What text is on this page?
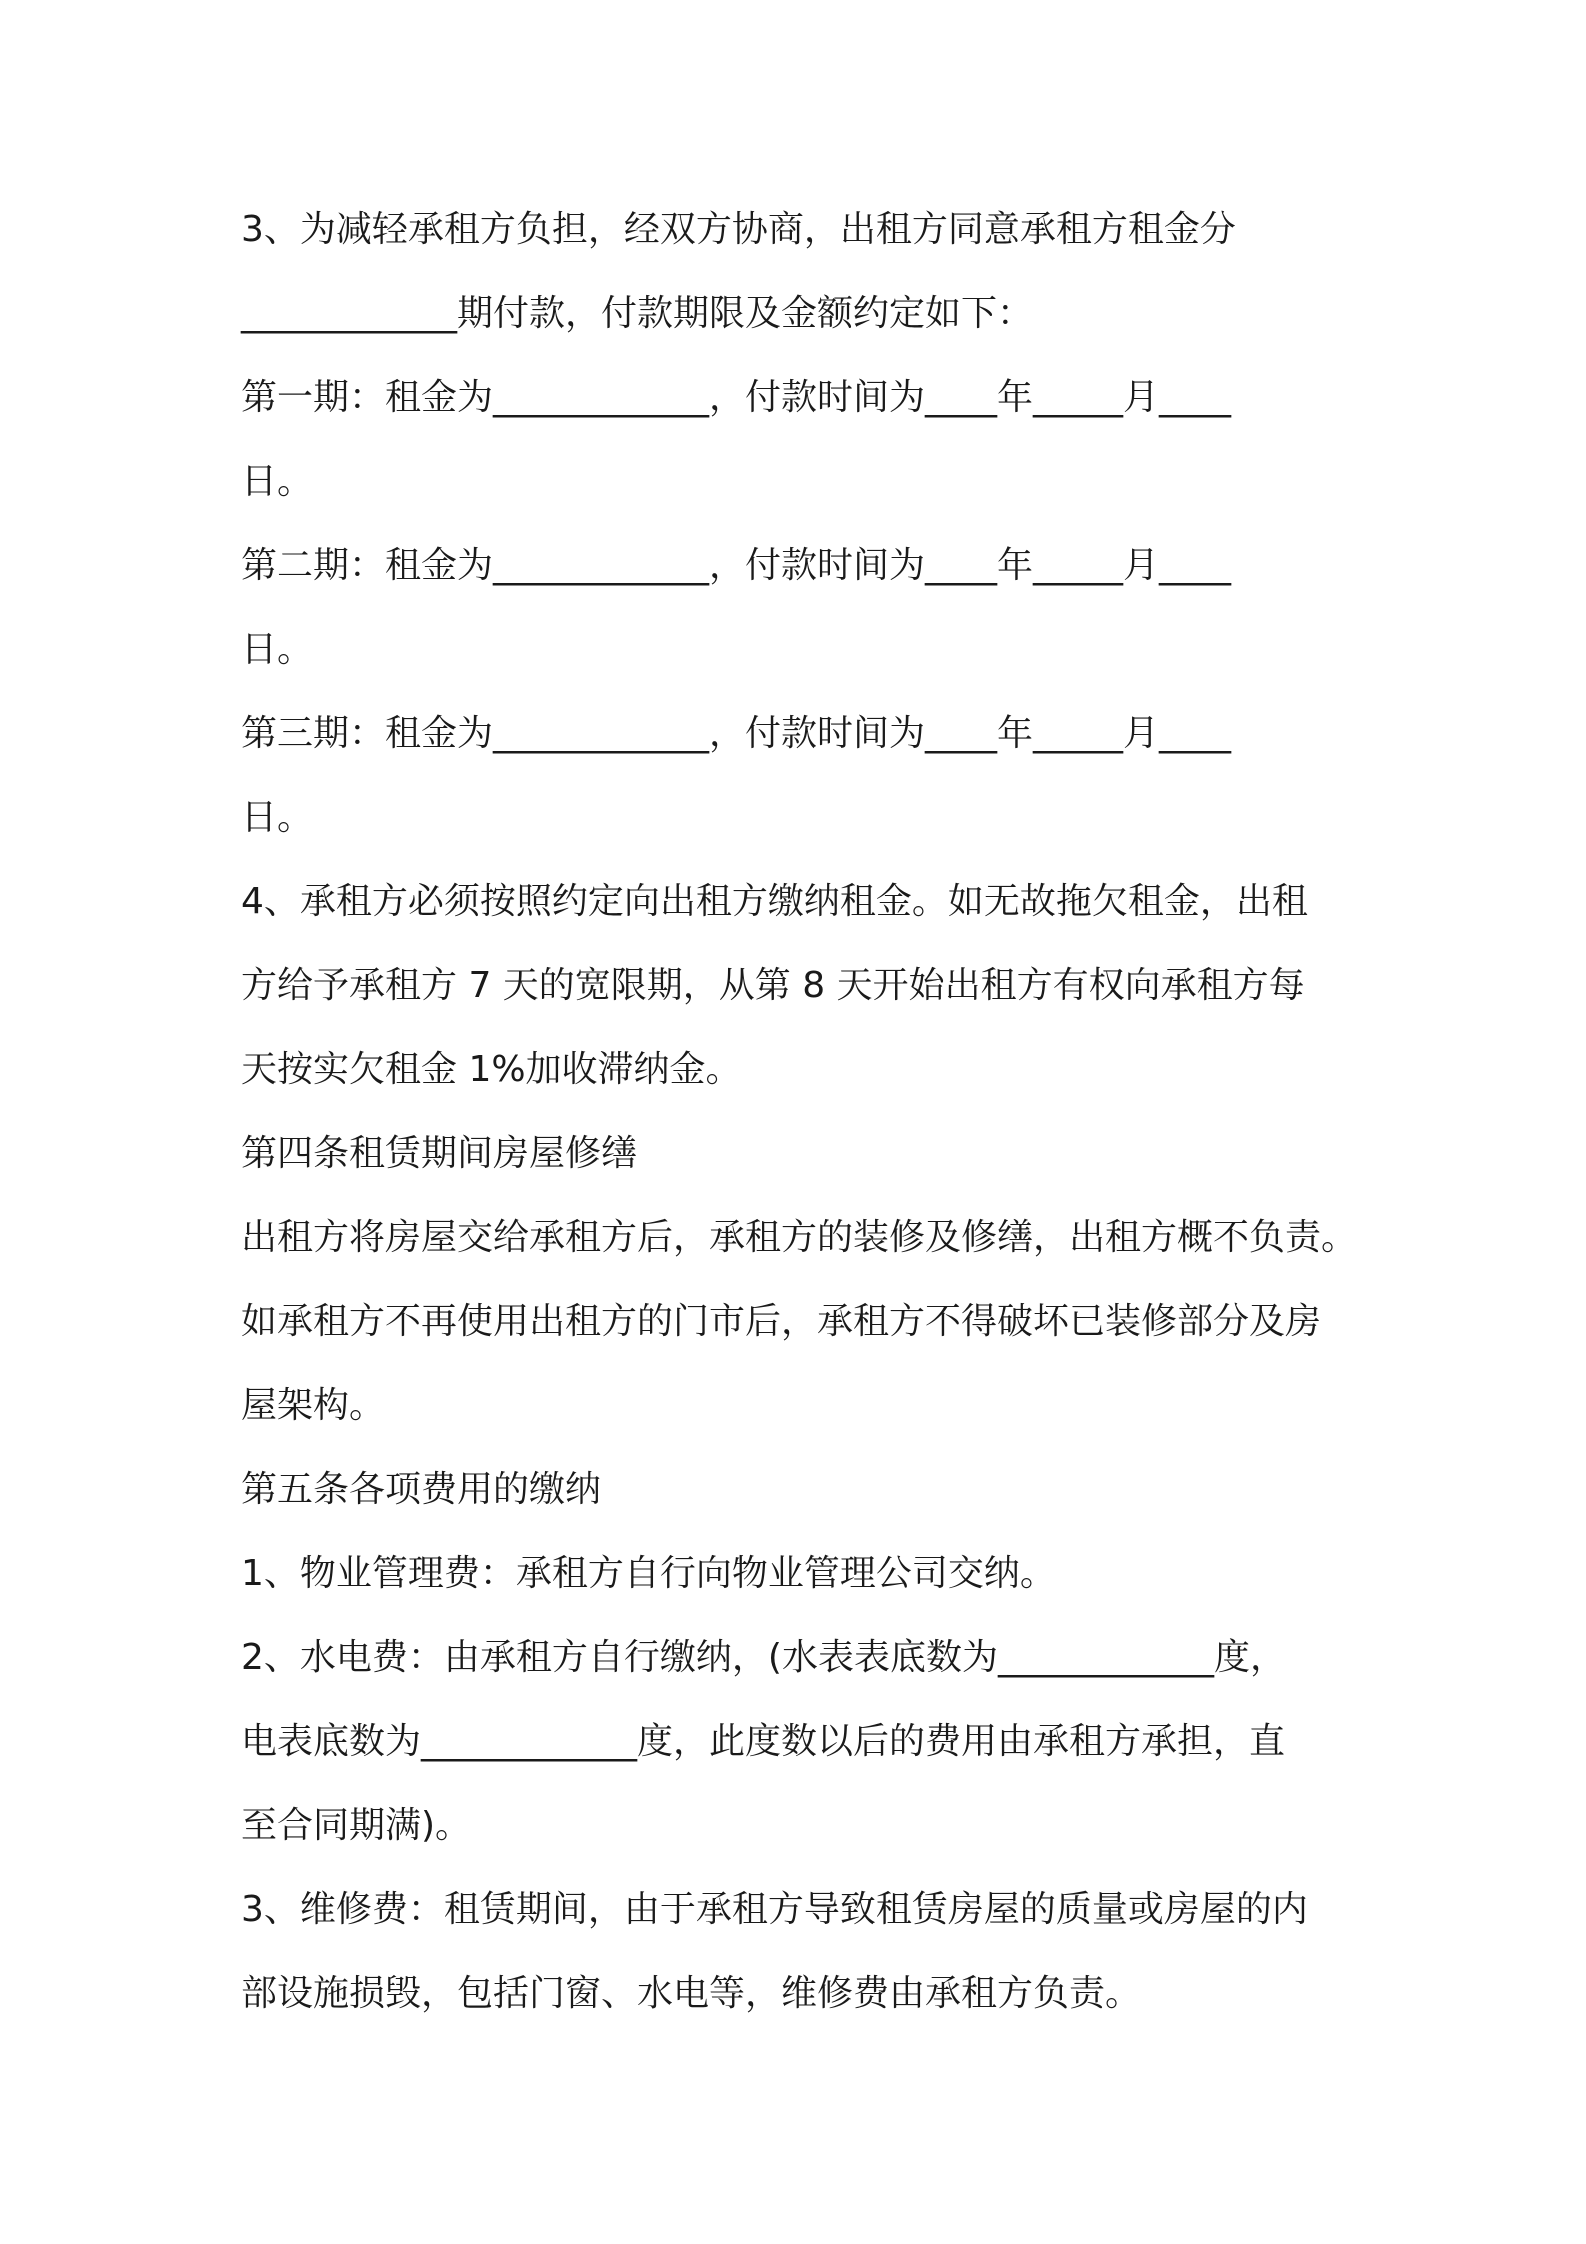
3、为减轻承租方负担，经双方协商，出租方同意承租方租金分
____________期付款，付款期限及金额约定如下：
第一期：租金为____________，付款时间为____年_____月____
日。
第二期：租金为____________，付款时间为____年_____月____
日。
第三期：租金为____________，付款时间为____年_____月____
日。
4、承租方必须按照约定向出租方缴纳租金。如无故拖欠租金，出租
方给予承租方 7 天的宽限期，从第 8 天开始出租方有权向承租方每
天按实欠租金 1%加收滞纳金。
第四条租赁期间房屋修缮
出租方将房屋交给承租方后，承租方的装修及修缮，出租方概不负责。
如承租方不再使用出租方的门市后，承租方不得破坏已装修部分及房
屋架构。
第五条各项费用的缴纳
1、物业管理费：承租方自行向物业管理公司交纳。
2、水电费：由承租方自行缴纳，(水表表底数为____________度，
电表底数为____________度，此度数以后的费用由承租方承担，直
至合同期满)。
3、维修费：租赁期间，由于承租方导致租赁房屋的质量或房屋的内
部设施损毁，包括门窗、水电等，维修费由承租方负责。
